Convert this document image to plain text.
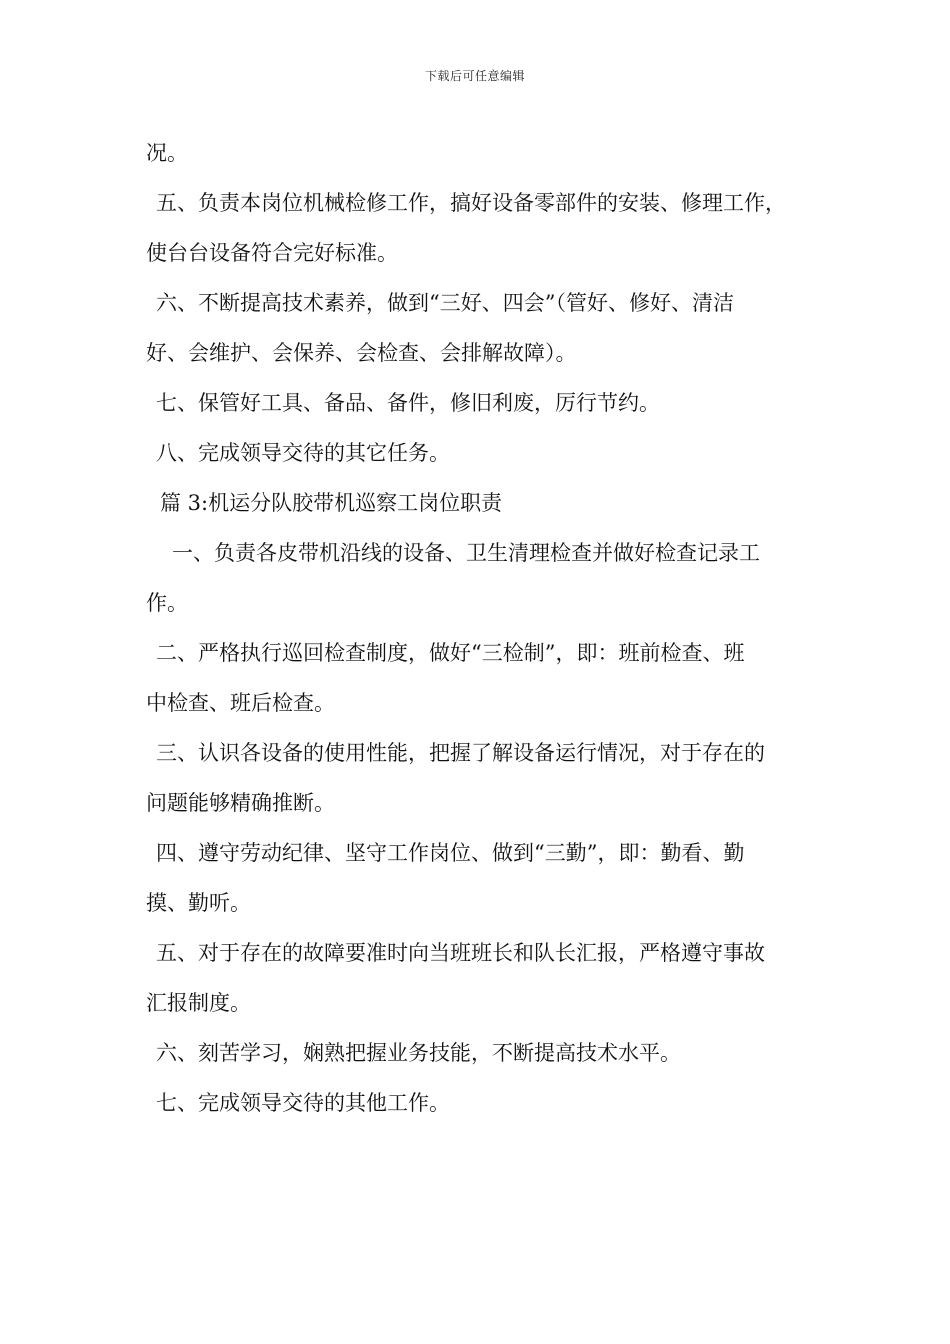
下载后可任意编辑
况。
五、负责本岗位机械检修工作，搞好设备零部件的安装、修理工作，
使台台设备符合完好标准。
六、不断提高技术素养，做到“三好、四会”（管好、修好、清洁
好、会维护、会保养、会检查、会排解故障）。
七、保管好工具、备品、备件，修旧利废，厉行节约。
八、完成领导交待的其它任务。
篇 3:机运分队胶带机巡察工岗位职责
一、负责各皮带机沿线的设备、卫生清理检查并做好检查记录工
作。
二、严格执行巡回检查制度，做好“三检制”，即：班前检查、班
中检查、班后检查。
三、认识各设备的使用性能，把握了解设备运行情况，对于存在的
问题能够精确推断。
四、遵守劳动纪律、坚守工作岗位、做到“三勤”，即：勤看、勤
摸、勤听。
五、对于存在的故障要准时向当班班长和队长汇报，严格遵守事故
汇报制度。
六、刻苦学习，娴熟把握业务技能，不断提高技术水平。
七、完成领导交待的其他工作。
